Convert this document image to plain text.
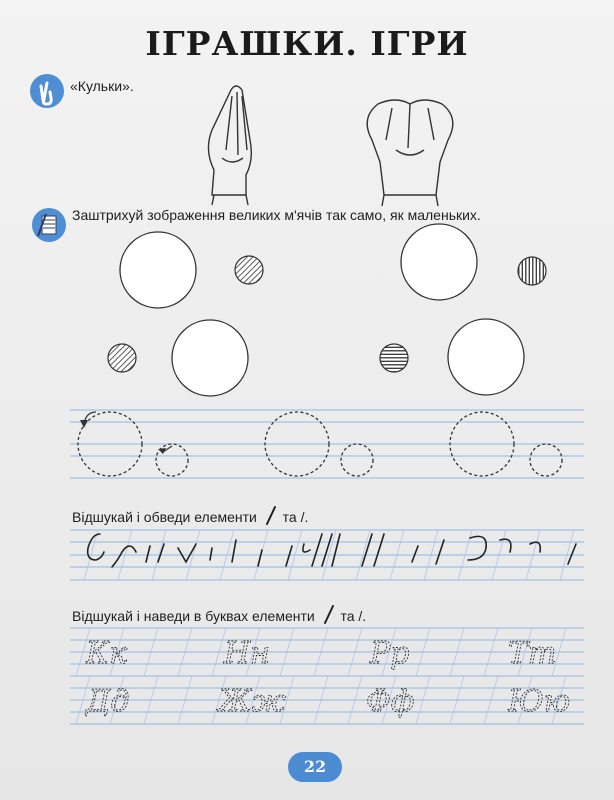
ІГРАШКИ. ІГРИ
«Кульки».
Заштрихуй зображення великих м'ячів так само, як маленьких.
Відшукай і обведи елементи та /.
Відшукай і наведи в буквах елементи та /.
Кк	Нн	Рр	Тт
Дд	Жж	Фф	Юю
22
